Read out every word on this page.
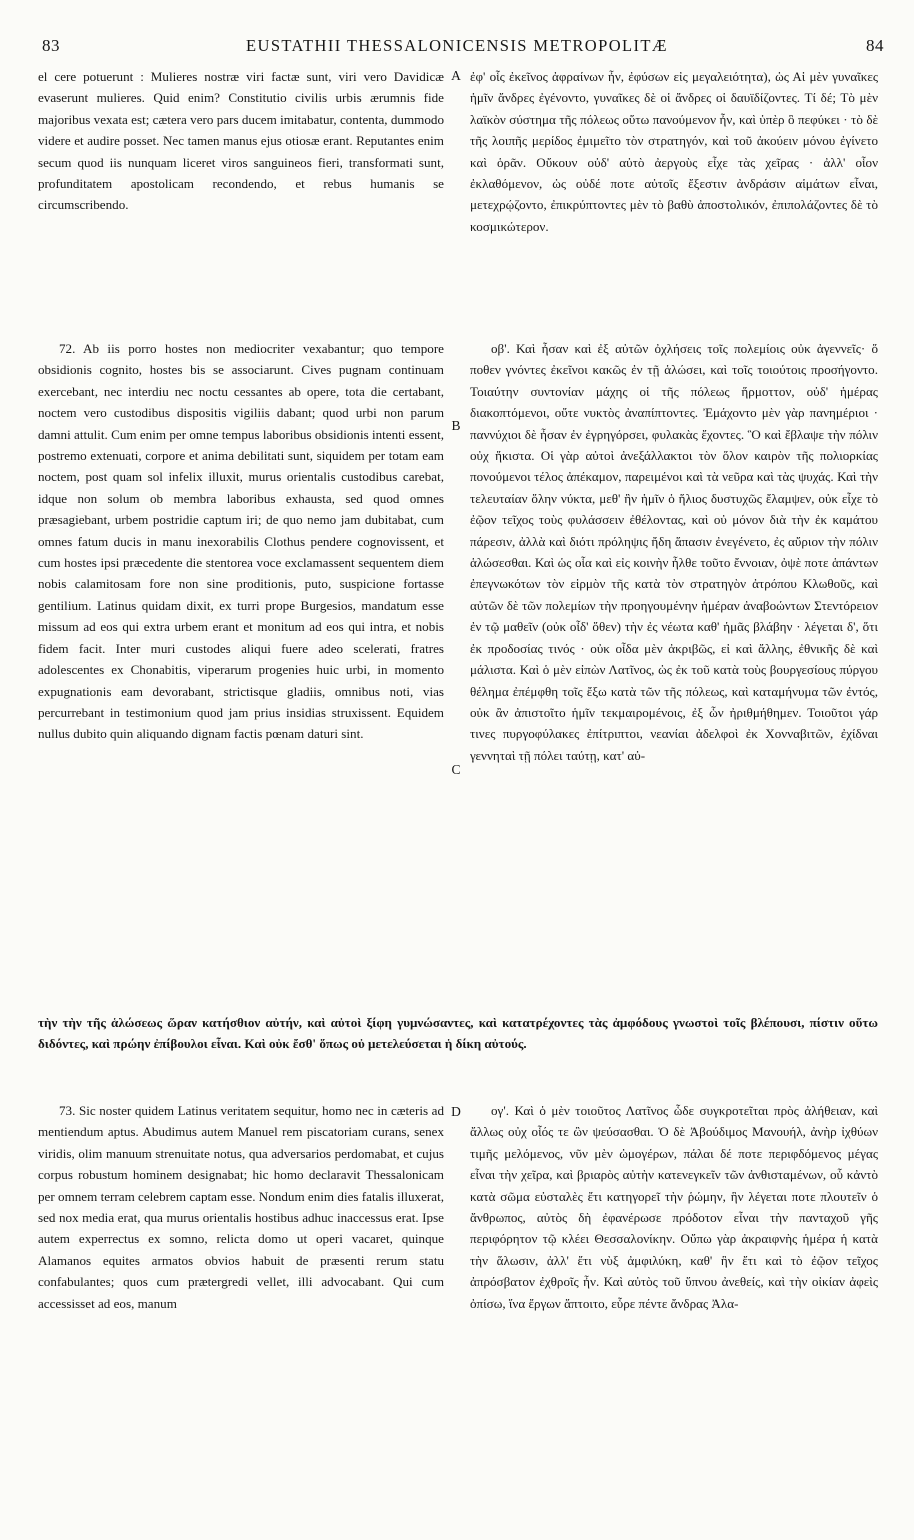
83	EUSTATHII THESSALONICENSIS METROPOLITÆ	84

el cere potuerunt : Mulieres nostræ viri factæ sunt, viri vero Davidicæ evaserunt mulieres. Quid enim? Constitutio civilis urbis ærumnis fide majoribus vexata est; cætera vero pars ducem imitabatur, contenta, dummodo videre et audire posset. Nec tamen manus ejus otiosæ erant. Reputantes enim secum quod iis nunquam liceret viros sanguineos fieri, transformati sunt, profunditatem apostolicam recondendo, et rebus humanis se circumscribendo.

ἐφ' οἷς ἐκεῖνος ἀφραίνων ἦν, ἐφύσων εἰς μεγαλειότητα), ὡς Αἱ μὲν γυναῖκες ἡμῖν ἄνδρες ἐγένοντο, γυναῖκες δὲ οἱ ἄνδρες οἱ δαυϊδίζοντες. Τί δέ; Τὸ μὲν λαϊκὸν σύστημα τῆς πόλεως οὕτω πανούμενον ἦν, καὶ ὑπὲρ ὃ πεφύκει · τὸ δὲ τῆς λοιπῆς μερίδος ἐμιμεῖτο τὸν στρατηγόν, καὶ τοῦ ἀκούειν μόνου ἐγίνετο καὶ ὁρᾶν. Οὔκουν οὐδ' αὐτὸ ἀεργοὺς εἶχε τὰς χεῖρας · ἀλλ' οἷον ἐκλαθόμενον, ὡς οὐδέ ποτε αὐτοῖς ἔξεστιν ἀνδράσιν αἱμάτων εἶναι, μετεχρῴζοντο, ἐπικρύπτοντες μὲν τὸ βαθὺ ἀποστολικόν, ἐπιπολάζοντες δὲ τὸ κοσμικώτερον.

72. Ab iis porro hostes non mediocriter vexabantur; quo tempore obsidionis cognito, hostes bis se associarunt. Cives pugnam continuam exercebant, nec interdiu nec noctu cessantes ab opere, tota die certabant, noctem vero custodibus dispositis vigiliis dabant; quod urbi non parum damni attulit. Cum enim per omne tempus laboribus obsidionis intenti essent, postremo extenuati, corpore et anima debilitati sunt, siquidem per totam eam noctem, post quam sol infelix illuxit, murus orientalis custodibus carebat, idque non solum ob membra laboribus exhausta, sed quod omnes præsagiebant, urbem postridie captum iri; de quo nemo jam dubitabat, cum omnes fatum ducis in manu inexorabilis Clothus pendere cognovissent, et cum hostes ipsi præcedente die stentorea voce exclamassent sequentem diem nobis calamitosam fore non sine proditionis, puto, suspicione fortasse gentilium. Latinus quidam dixit, ex turri prope Burgesios, mandatum esse missum ad eos qui extra urbem erant et monitum ad eos qui intra, et nobis fidem facit. Inter muri custodes aliqui fuere adeo scelerati, fratres adolescentes ex Chonabitis, viperarum progenies huic urbi, in momento expugnationis eam devorabant, strictisque gladiis, omnibus noti, vias percurrebant in testimonium quod jam prius insidias struxissent. Equidem nullus dubito quin aliquando dignam factis pœnam daturi sint.

οβ'. Καὶ ἦσαν καὶ ἐξ αὐτῶν ὀχλήσεις τοῖς πολεμίοις οὐκ ἀγεννεῖς· ὅ ποθεν γνόντες ἐκεῖνοι κακῶς ἐν τῇ ἁλώσει, καὶ τοῖς τοιούτοις προσήγοντο. Τοιαύτην συντονίαν μάχης οἱ τῆς πόλεως ἥρμοττον, οὐδ' ἡμέρας διακοπτόμενοι, οὔτε νυκτὸς ἀναπίπτοντες. Ἐμάχοντο μὲν γὰρ πανημέριοι · παννύχιοι δὲ ἦσαν ἐν ἐγρηγόρσει, φυλακὰς ἔχοντες. Ὃ καὶ ἔβλαψε τὴν πόλιν οὐχ ἥκιστα. Οἱ γὰρ αὐτοὶ ἀνεξάλλακτοι τὸν ὅλον καιρὸν τῆς πολιορκίας πονούμενοι τέλος ἀπέκαμον, παρειμένοι καὶ τὰ νεῦρα καὶ τὰς ψυχάς. Καὶ τὴν τελευταίαν ὅλην νύκτα, μεθ' ἣν ἡμῖν ὁ ἥλιος δυστυχῶς ἔλαμψεν, οὐκ εἶχε τὸ ἐῷον τεῖχος τοὺς φυλάσσειν ἐθέλοντας, καὶ οὐ μόνον διὰ τὴν ἐκ καμάτου πάρεσιν, ἀλλὰ καὶ διότι πρόληψις ἤδη ἅπασιν ἐνεγένετο, ἐς αὔριον τὴν πόλιν ἁλώσεσθαι. Καὶ ὡς οἷα καὶ εἰς κοινὴν ἦλθε τοῦτο ἔννοιαν, ὀψὲ ποτε ἁπάντων ἐπεγνωκότων τὸν εἱρμὸν τῆς κατὰ τὸν στρατηγὸν ἀτρόπου Κλωθοῦς, καὶ αὐτῶν δὲ τῶν πολεμίων τὴν προηγουμένην ἡμέραν ἀναβοώντων Στεντόρειον ἐν τῷ μαθεῖν (οὐκ οἶδ' ὅθεν) τὴν ἐς νέωτα καθ' ἡμᾶς βλάβην · λέγεται δ', ὅτι ἐκ προδοσίας τινός · οὐκ οἶδα μὲν ἀκριβῶς, εἰ καὶ ἄλλης, ἐθνικῆς δὲ καὶ μάλιστα. Καὶ ὁ μὲν εἰπὼν Λατῖνος, ὡς ἐκ τοῦ κατὰ τοὺς βουργεσίους πύργου θέλημα ἐπέμφθη τοῖς ἔξω κατὰ τῶν τῆς πόλεως, καὶ καταμήνυμα τῶν ἐντός, οὐκ ἂν ἀπιστοῖτο ἡμῖν τεκμαιρομένοις, ἐξ ὧν ἠριθμήθημεν. Τοιοῦτοι γάρ τινες πυργοφύλακες ἐπίτριπτοι, νεανίαι ἀδελφοὶ ἐκ Χονναβιτῶν, ἐχίδναι γεννηταὶ τῇ πόλει ταύτῃ, κατ' αὐ-

τὴν τὴν τῆς ἁλώσεως ὥραν κατήσθιον αὐτήν, καὶ αὐτοὶ ξίφη γυμνώσαντες, καὶ κατατρέχοντες τὰς ἀμφόδους γνωστοὶ τοῖς βλέπουσι, πίστιν οὕτω διδόντες, καὶ πρώην ἐπίβουλοι εἶναι. Καὶ οὐκ ἔσθ' ὅπως οὐ μετελεύσεται ἡ δίκη αὐτούς.

73. Sic noster quidem Latinus veritatem sequitur, homo nec in cæteris ad mentiendum aptus. Abudimus autem Manuel rem piscatoriam curans, senex viridis, olim manuum strenuitate notus, qua adversarios perdomabat, et cujus corpus robustum hominem designabat; hic homo declaravit Thessalonicam per omnem terram celebrem captam esse. Nondum enim dies fatalis illuxerat, sed nox media erat, qua murus orientalis hostibus adhuc inaccessus erat. Ipse autem experrectus ex somno, relicta domo ut operi vacaret, quinque Alamanos equites armatos obvios habuit de præsenti rerum statu confabulantes; quos cum prætergredi vellet, illi advocabant. Qui cum accessisset ad eos, manum

ογ'. Καὶ ὁ μὲν τοιοῦτος Λατῖνος ὧδε συγκροτεῖται πρὸς ἀλήθειαν, καὶ ἄλλως οὐχ οἷός τε ὢν ψεύσασθαι. Ὁ δὲ Ἀβούδιμος Μανουήλ, ἀνὴρ ἰχθύων τιμῆς μελόμενος, νῦν μὲν ὠμογέρων, πάλαι δέ ποτε περιφδόμενος μέγας εἶναι τὴν χεῖρα, καὶ βριαρὸς αὐτὴν κατενεγκεῖν τῶν ἀνθισταμένων, οὗ κἀντὸ κατὰ σῶμα εὐσταλὲς ἔτι κατηγορεῖ τὴν ῥώμην, ἣν λέγεται ποτε πλουτεῖν ὁ ἄνθρωπος, αὐτὸς δὴ ἐφανέρωσε πρόδοτον εἶναι τὴν πανταχοῦ γῆς περιφόρητον τῷ κλέει Θεσσαλονίκην. Οὔπω γὰρ ἀκραιφνὴς ἡμέρα ἡ κατὰ τὴν ἅλωσιν, ἀλλ' ἔτι νὺξ ἀμφιλύκη, καθ' ἣν ἔτι καὶ τὸ ἐῷον τεῖχος ἀπρόσβατον ἐχθροῖς ἦν. Καὶ αὐτὸς τοῦ ὕπνου ἀνεθείς, καὶ τὴν οἰκίαν ἀφεὶς ὀπίσω, ἵνα ἔργων ἅπτοιτο, εὗρε πέντε ἄνδρας Ἀλα-

A
B
C
D
